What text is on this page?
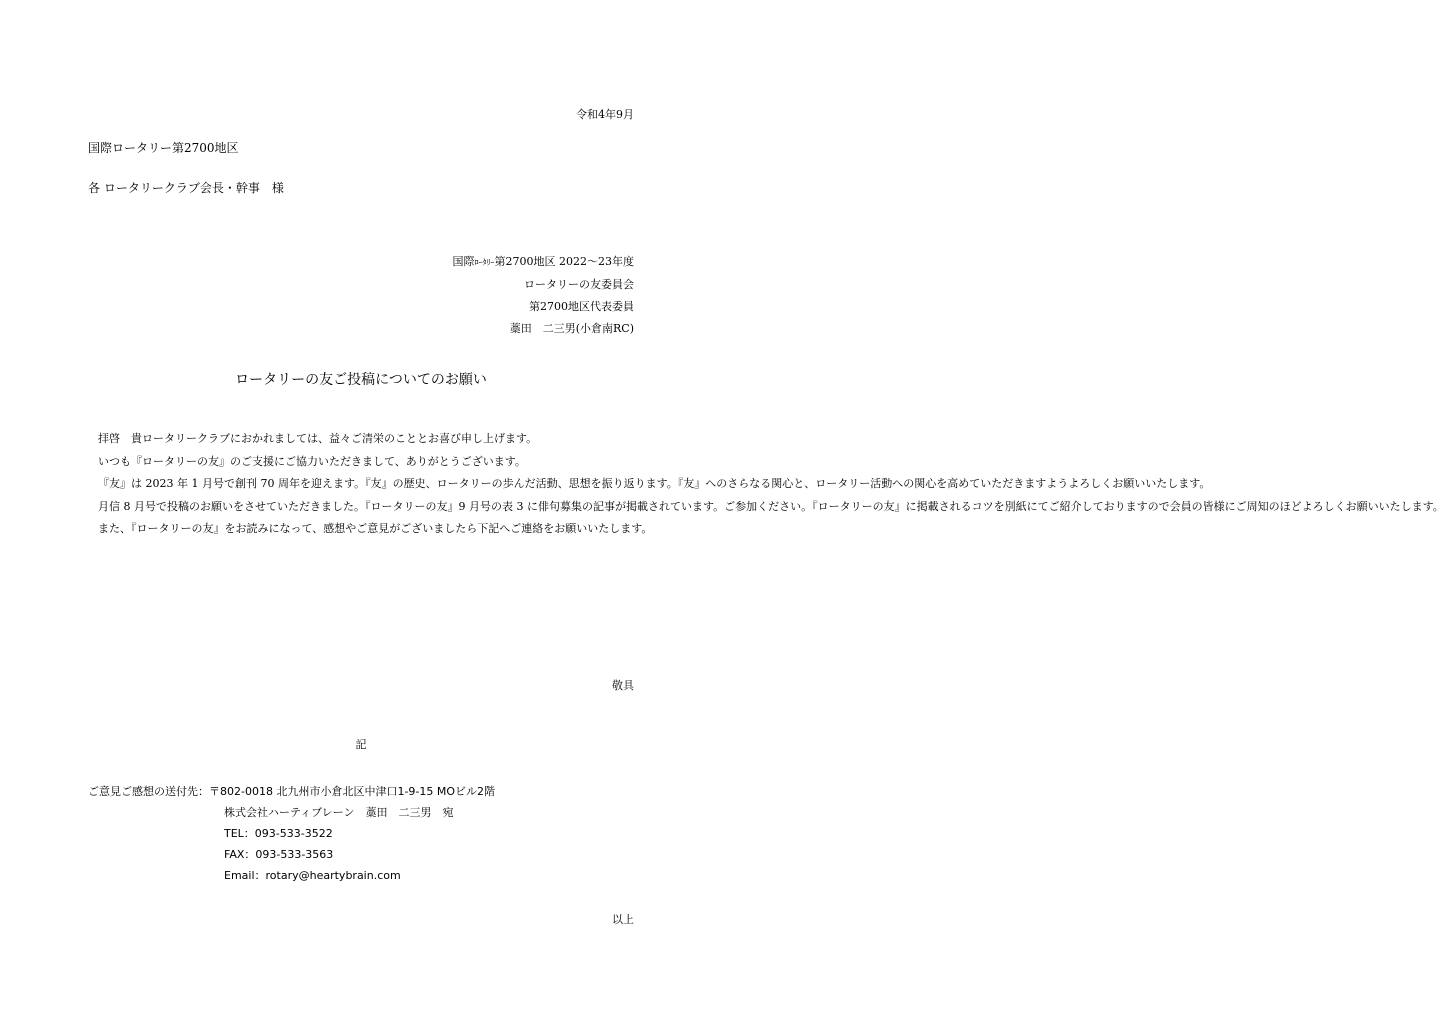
令和4年9月
国際ロータリー第2700地区
各 ロータリークラブ会長・幹事　様
国際ﾛｰﾀﾘｰ第2700地区 2022～23年度
ロータリーの友委員会
第2700地区代表委員
藁田　二三男(小倉南RC)
ロータリーの友ご投稿についてのお願い

拝啓　貴ロータリークラブにおかれましては、益々ご清栄のこととお喜び申し上げます。

いつも『ロータリーの友』のご支援にご協力いただきまして、ありがとうございます。

『友』は 2023 年 1 月号で創刊 70 周年を迎えます。『友』の歴史、ロータリーの歩んだ活動、思想を振り返ります。『友』へのさらなる関心と、ロータリー活動への関心を高めていただきますようよろしくお願いいたします。

月信 8 月号で投稿のお願いをさせていただきました。『ロータリーの友』9 月号の表 3 に俳句募集の記事が掲載されています。ご参加ください。『ロータリーの友』に掲載されるコツを別紙にてご紹介しておりますので会員の皆様にご周知のほどよろしくお願いいたします。

また、『ロータリーの友』をお読みになって、感想やご意見がございましたら下記へご連絡をお願いいたします。

敬具
記
ご意見ご感想の送付先： 〒802-0018 北九州市小倉北区中津口1-9-15 MOビル2階
株式会社ハーティブレーン　藁田　二三男　宛
TEL：093-533-3522
FAX：093-533-3563
Email：rotary@heartybrain.com
以上
